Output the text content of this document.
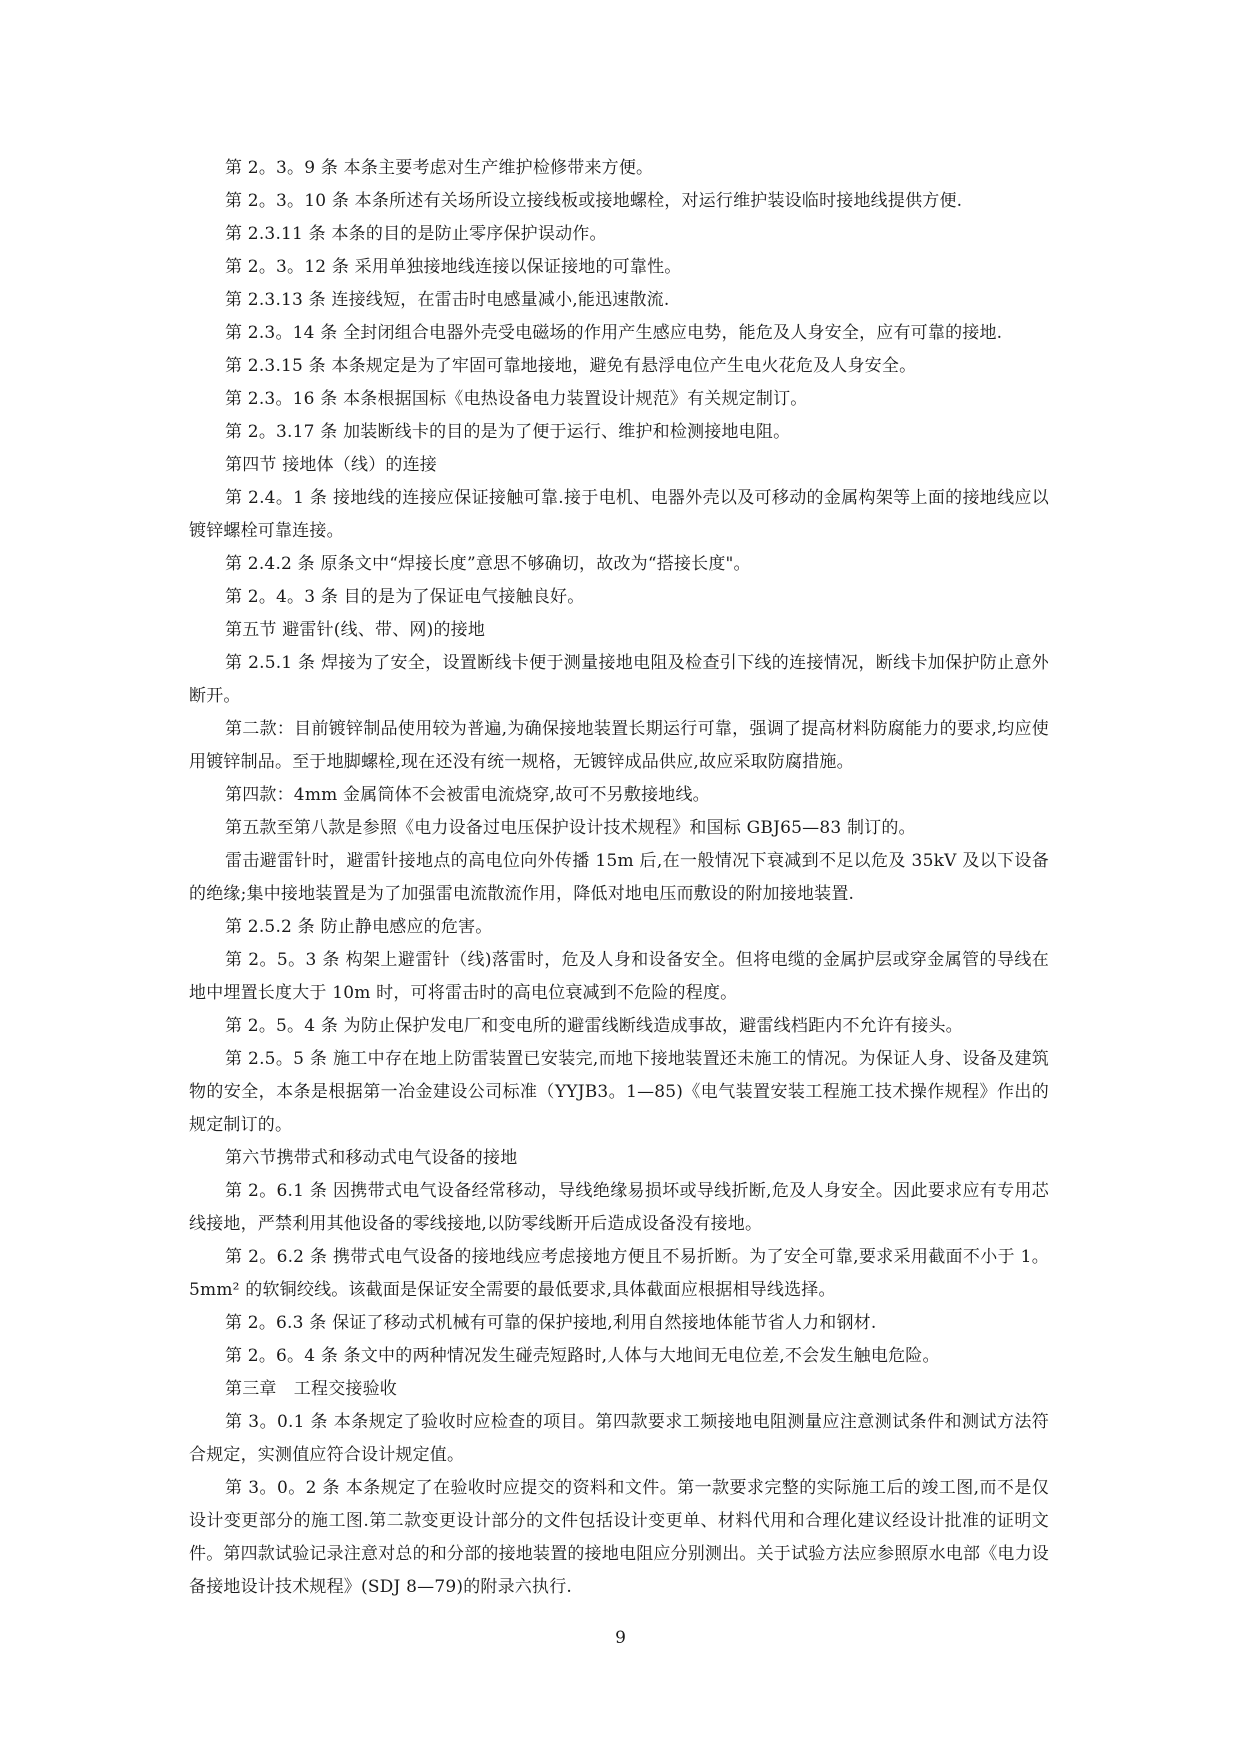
第 2。3。9 条 本条主要考虑对生产维护检修带来方便。

第 2。3。10 条 本条所述有关场所设立接线板或接地螺栓，对运行维护装设临时接地线提供方便.

第 2.3.11 条 本条的目的是防止零序保护误动作。

第 2。3。12 条 采用单独接地线连接以保证接地的可靠性。

第 2.3.13 条 连接线短，在雷击时电感量减小,能迅速散流.

第 2.3。14 条 全封闭组合电器外壳受电磁场的作用产生感应电势，能危及人身安全，应有可靠的接地.

第 2.3.15 条 本条规定是为了牢固可靠地接地，避免有悬浮电位产生电火花危及人身安全。

第 2.3。16 条 本条根据国标《电热设备电力装置设计规范》有关规定制订。

第 2。3.17 条 加装断线卡的目的是为了便于运行、维护和检测接地电阻。

第四节 接地体（线）的连接

第 2.4。1 条 接地线的连接应保证接触可靠.接于电机、电器外壳以及可移动的金属构架等上面的接地线应以镀锌螺栓可靠连接。

第 2.4.2 条 原条文中“焊接长度”意思不够确切，故改为“搭接长度"。

第 2。4。3 条 目的是为了保证电气接触良好。

第五节 避雷针(线、带、网)的接地

第 2.5.1 条 焊接为了安全，设置断线卡便于测量接地电阻及检查引下线的连接情况，断线卡加保护防止意外断开。

第二款：目前镀锌制品使用较为普遍,为确保接地装置长期运行可靠，强调了提高材料防腐能力的要求,均应使用镀锌制品。至于地脚螺栓,现在还没有统一规格，无镀锌成品供应,故应采取防腐措施。

第四款：4mm 金属筒体不会被雷电流烧穿,故可不另敷接地线。

第五款至第八款是参照《电力设备过电压保护设计技术规程》和国标 GBJ65—83 制订的。

雷击避雷针时，避雷针接地点的高电位向外传播 15m 后,在一般情况下衰减到不足以危及 35kV 及以下设备的绝缘;集中接地装置是为了加强雷电流散流作用，降低对地电压而敷设的附加接地装置.

第 2.5.2 条 防止静电感应的危害。

第 2。5。3 条 构架上避雷针（线)落雷时，危及人身和设备安全。但将电缆的金属护层或穿金属管的导线在地中埋置长度大于 10m 时，可将雷击时的高电位衰减到不危险的程度。

第 2。5。4 条 为防止保护发电厂和变电所的避雷线断线造成事故，避雷线档距内不允许有接头。

第 2.5。5 条 施工中存在地上防雷装置已安装完,而地下接地装置还未施工的情况。为保证人身、设备及建筑物的安全，本条是根据第一冶金建设公司标准（YYJB3。1—85)《电气装置安装工程施工技术操作规程》作出的规定制订的。

第六节携带式和移动式电气设备的接地

第 2。6.1 条 因携带式电气设备经常移动，导线绝缘易损坏或导线折断,危及人身安全。因此要求应有专用芯线接地，严禁利用其他设备的零线接地,以防零线断开后造成设备没有接地。

第 2。6.2 条 携带式电气设备的接地线应考虑接地方便且不易折断。为了安全可靠,要求采用截面不小于 1。5mm² 的软铜绞线。该截面是保证安全需要的最低要求,具体截面应根据相导线选择。

第 2。6.3 条 保证了移动式机械有可靠的保护接地,利用自然接地体能节省人力和钢材.

第 2。6。4 条 条文中的两种情况发生碰壳短路时,人体与大地间无电位差,不会发生触电危险。

第三章　工程交接验收

第 3。0.1 条 本条规定了验收时应检查的项目。第四款要求工频接地电阻测量应注意测试条件和测试方法符合规定，实测值应符合设计规定值。

第 3。0。2 条 本条规定了在验收时应提交的资料和文件。第一款要求完整的实际施工后的竣工图,而不是仅设计变更部分的施工图.第二款变更设计部分的文件包括设计变更单、材料代用和合理化建议经设计批准的证明文件。第四款试验记录注意对总的和分部的接地装置的接地电阻应分别测出。关于试验方法应参照原水电部《电力设备接地设计技术规程》(SDJ 8—79)的附录六执行.

9
